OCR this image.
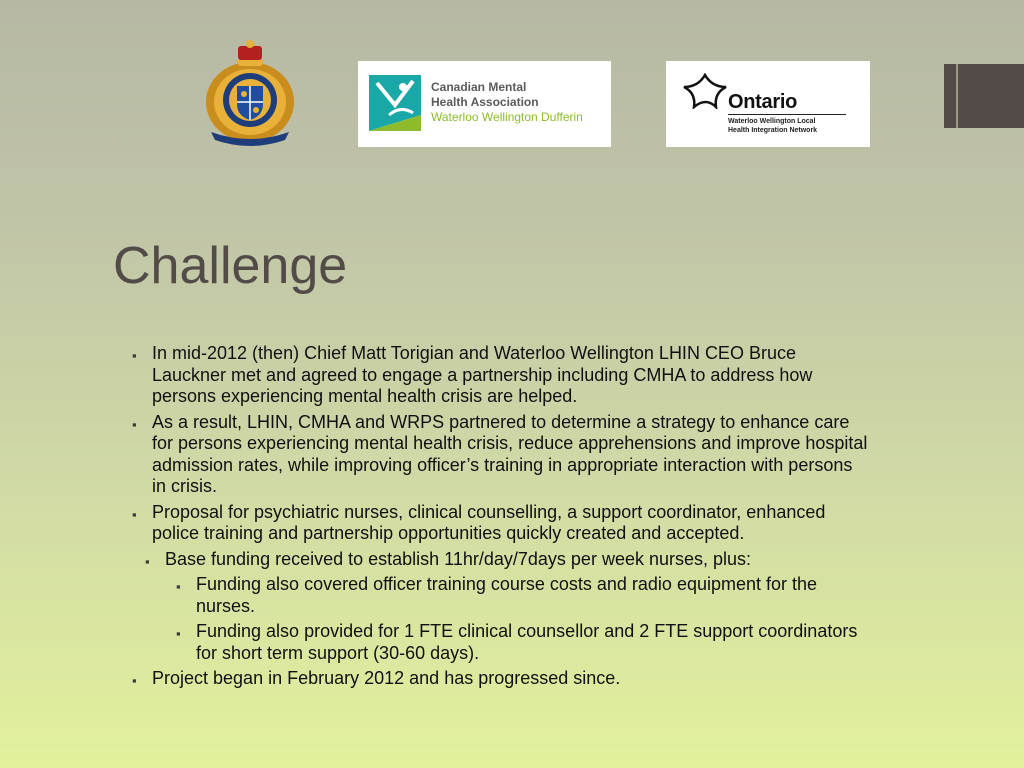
Canadian Mental
Health Association
Waterloo Wellington Dufferin
Ontario
Waterloo Wellington Local
Health Integration Network
Challenge
▪ In mid-2012 (then) Chief Matt Torigian and Waterloo Wellington LHIN CEO Bruce Lauckner met and agreed to engage a partnership including CMHA to address how persons experiencing mental health crisis are helped.
▪ As a result, LHIN, CMHA and WRPS partnered to determine a strategy to enhance care for persons experiencing mental health crisis, reduce apprehensions and improve hospital admission rates, while improving officer’s training in appropriate interaction with persons in crisis.
▪ Proposal for psychiatric nurses, clinical counselling, a support coordinator, enhanced police training and partnership opportunities quickly created and accepted.
▪ Base funding received to establish 11hr/day/7days per week nurses, plus:
▪ Funding also covered officer training course costs and radio equipment for the nurses.
▪ Funding also provided for 1 FTE clinical counsellor and 2 FTE support coordinators for short term support (30-60 days).
▪ Project began in February 2012 and has progressed since.
